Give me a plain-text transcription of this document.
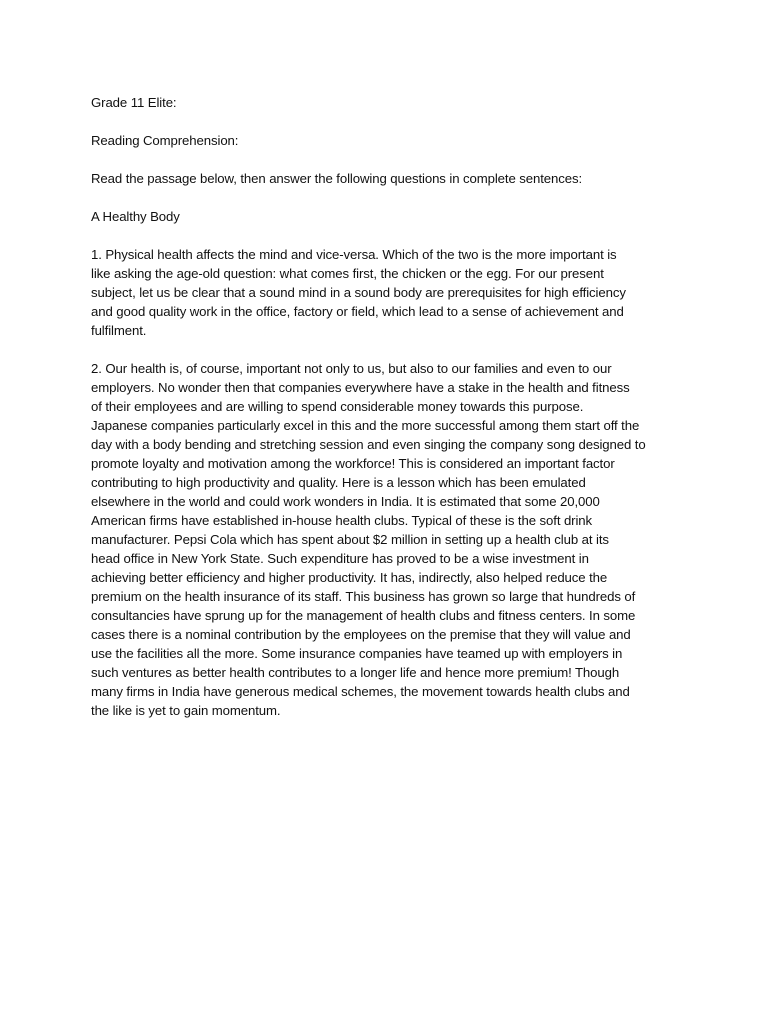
Grade 11 Elite:
Reading Comprehension:
Read the passage below, then answer the following questions in complete sentences:
A Healthy Body
1. Physical health affects the mind and vice-versa. Which of the two is the more important is
like asking the age-old question: what comes first, the chicken or the egg. For our present
subject, let us be clear that a sound mind in a sound body are prerequisites for high efficiency
and good quality work in the office, factory or field, which lead to a sense of achievement and
fulfilment.
2. Our health is, of course, important not only to us, but also to our families and even to our
employers. No wonder then that companies everywhere have a stake in the health and fitness
of their employees and are willing to spend considerable money towards this purpose.
Japanese companies particularly excel in this and the more successful among them start off the
day with a body bending and stretching session and even singing the company song designed to
promote loyalty and motivation among the workforce! This is considered an important factor
contributing to high productivity and quality. Here is a lesson which has been emulated
elsewhere in the world and could work wonders in India. It is estimated that some 20,000
American firms have established in-house health clubs. Typical of these is the soft drink
manufacturer. Pepsi Cola which has spent about $2 million in setting up a health club at its
head office in New York State. Such expenditure has proved to be a wise investment in
achieving better efficiency and higher productivity. It has, indirectly, also helped reduce the
premium on the health insurance of its staff. This business has grown so large that hundreds of
consultancies have sprung up for the management of health clubs and fitness centers. In some
cases there is a nominal contribution by the employees on the premise that they will value and
use the facilities all the more. Some insurance companies have teamed up with employers in
such ventures as better health contributes to a longer life and hence more premium! Though
many firms in India have generous medical schemes, the movement towards health clubs and
the like is yet to gain momentum.
